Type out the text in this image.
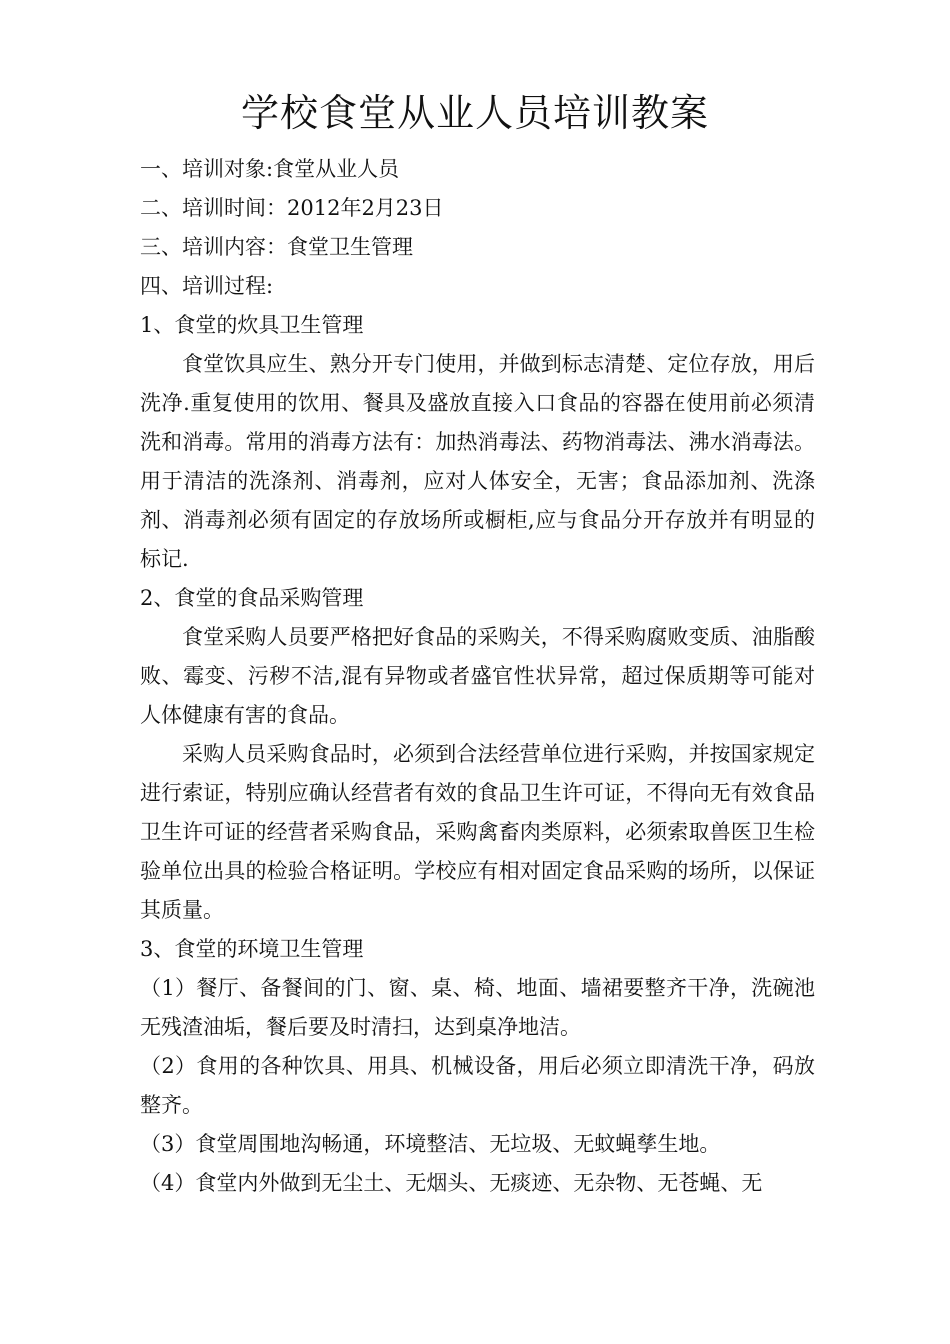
学校食堂从业人员培训教案

一、培训对象:食堂从业人员

二、培训时间：2012年2月23日

三、培训内容：食堂卫生管理

四、培训过程:

1、食堂的炊具卫生管理

食堂饮具应生、熟分开专门使用，并做到标志清楚、定位存放，用后洗净.重复使用的饮用、餐具及盛放直接入口食品的容器在使用前必须清洗和消毒。常用的消毒方法有：加热消毒法、药物消毒法、沸水消毒法。用于清洁的洗涤剂、消毒剂，应对人体安全，无害；食品添加剂、洗涤剂、消毒剂必须有固定的存放场所或橱柜,应与食品分开存放并有明显的标记.

2、食堂的食品采购管理

食堂采购人员要严格把好食品的采购关，不得采购腐败变质、油脂酸败、霉变、污秽不洁,混有异物或者盛官性状异常，超过保质期等可能对人体健康有害的食品。

采购人员采购食品时，必须到合法经营单位进行采购，并按国家规定进行索证，特别应确认经营者有效的食品卫生许可证，不得向无有效食品卫生许可证的经营者采购食品，采购禽畜肉类原料，必须索取兽医卫生检验单位出具的检验合格证明。学校应有相对固定食品采购的场所，以保证其质量。

3、食堂的环境卫生管理

（1）餐厅、备餐间的门、窗、桌、椅、地面、墙裙要整齐干净，洗碗池无残渣油垢，餐后要及时清扫，达到桌净地洁。

（2）食用的各种饮具、用具、机械设备，用后必须立即清洗干净，码放整齐。

（3）食堂周围地沟畅通，环境整洁、无垃圾、无蚊蝇孳生地。

（4）食堂内外做到无尘土、无烟头、无痰迹、无杂物、无苍蝇、无
